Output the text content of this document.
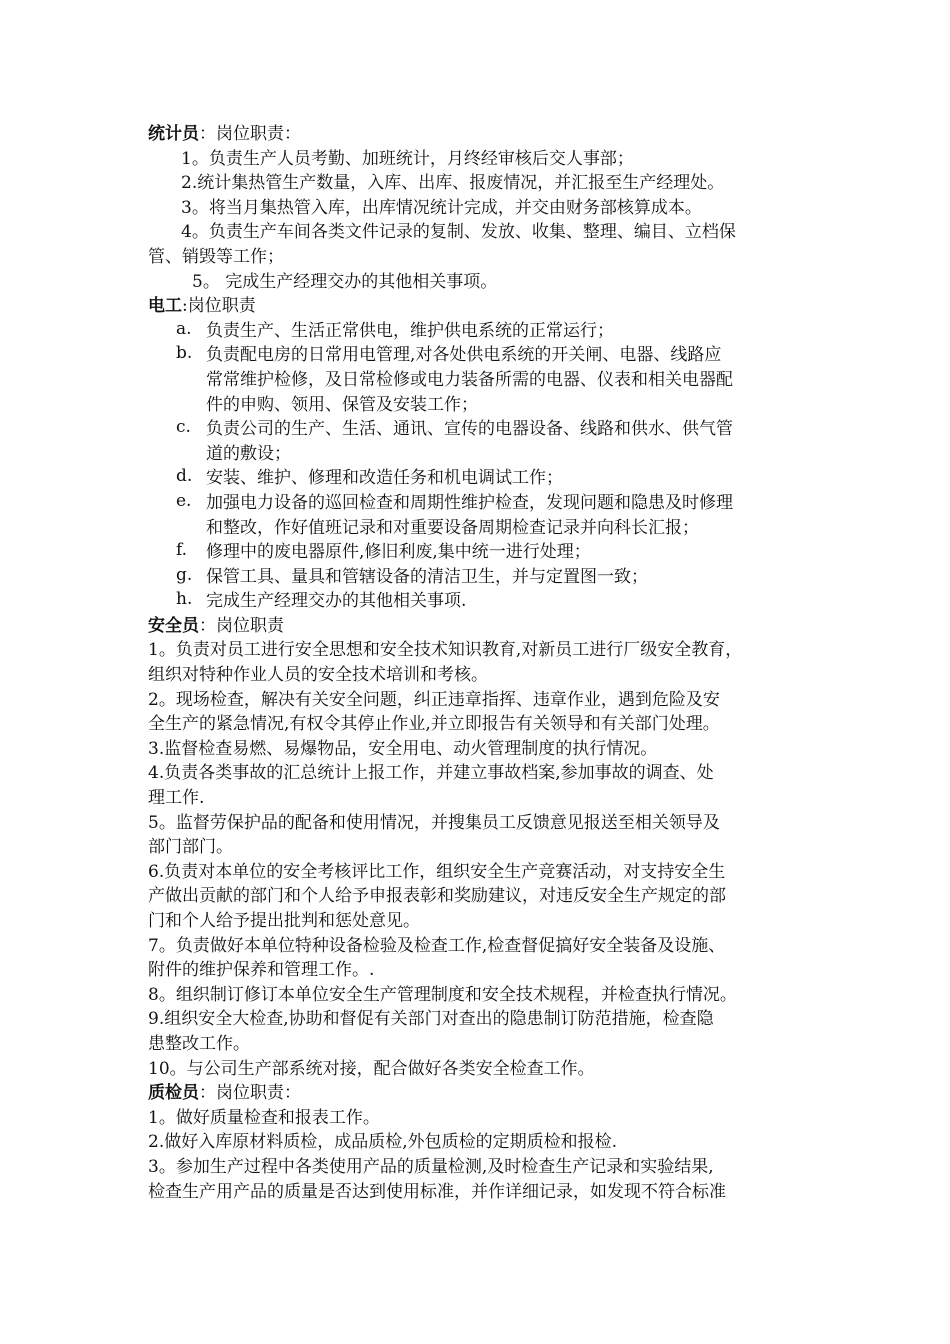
统计员：岗位职责：
1。负责生产人员考勤、加班统计，月终经审核后交人事部；
2.统计集热管生产数量，入库、出库、报废情况，并汇报至生产经理处。
3。将当月集热管入库，出库情况统计完成，并交由财务部核算成本。
4。负责生产车间各类文件记录的复制、发放、收集、整理、编目、立档保
管、销毁等工作；
5。 完成生产经理交办的其他相关事项。
电工:岗位职责
a. 负责生产、生活正常供电，维护供电系统的正常运行；
b. 负责配电房的日常用电管理,对各处供电系统的开关闸、电器、线路应
常常维护检修，及日常检修或电力装备所需的电器、仪表和相关电器配
件的申购、领用、保管及安装工作；
c. 负责公司的生产、生活、通讯、宣传的电器设备、线路和供水、供气管
道的敷设；
d. 安装、维护、修理和改造任务和机电调试工作；
e. 加强电力设备的巡回检查和周期性维护检查，发现问题和隐患及时修理
和整改，作好值班记录和对重要设备周期检查记录并向科长汇报；
f.	修理中的废电器原件,修旧利废,集中统一进行处理；
g. 保管工具、量具和管辖设备的清洁卫生，并与定置图一致；
h. 完成生产经理交办的其他相关事项.
安全员：岗位职责
1。负责对员工进行安全思想和安全技术知识教育,对新员工进行厂级安全教育，
组织对特种作业人员的安全技术培训和考核。
2。现场检查，解决有关安全问题，纠正违章指挥、违章作业，遇到危险及安
全生产的紧急情况,有权令其停止作业,并立即报告有关领导和有关部门处理。
3.监督检查易燃、易爆物品，安全用电、动火管理制度的执行情况。
4.负责各类事故的汇总统计上报工作，并建立事故档案,参加事故的调查、处
理工作.
5。监督劳保护品的配备和使用情况，并搜集员工反馈意见报送至相关领导及
部门部门。
6.负责对本单位的安全考核评比工作，组织安全生产竞赛活动，对支持安全生
产做出贡献的部门和个人给予申报表彰和奖励建议，对违反安全生产规定的部
门和个人给予提出批判和惩处意见。
7。负责做好本单位特种设备检验及检查工作,检查督促搞好安全装备及设施、
附件的维护保养和管理工作。.
8。组织制订修订本单位安全生产管理制度和安全技术规程，并检查执行情况。
9.组织安全大检查,协助和督促有关部门对查出的隐患制订防范措施，检查隐
患整改工作。
10。与公司生产部系统对接，配合做好各类安全检查工作。
质检员：岗位职责：
1。做好质量检查和报表工作。
2.做好入库原材料质检，成品质检,外包质检的定期质检和报检.
3。参加生产过程中各类使用产品的质量检测,及时检查生产记录和实验结果,
检查生产用产品的质量是否达到使用标准，并作详细记录，如发现不符合标准
